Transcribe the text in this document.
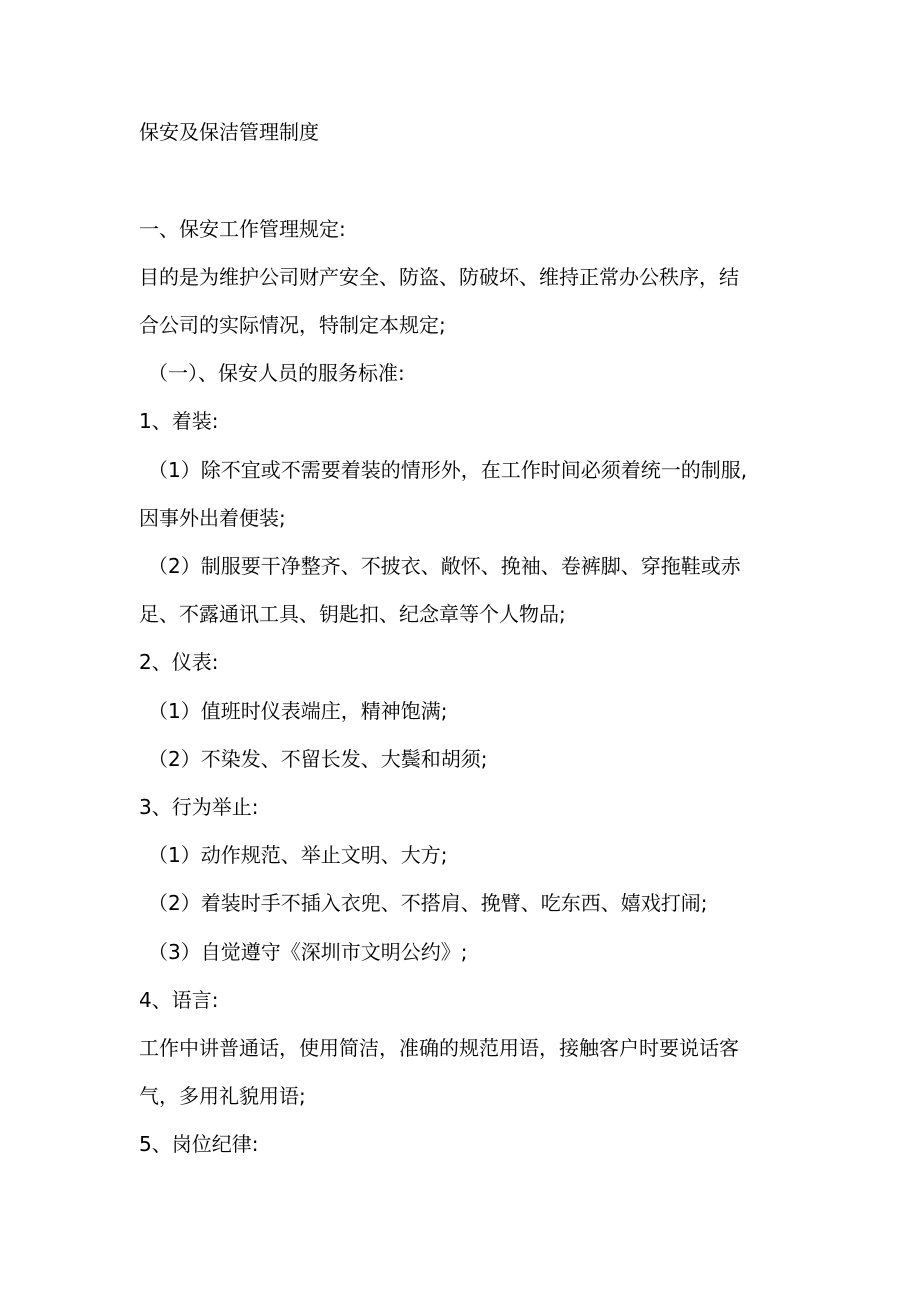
保安及保洁管理制度

一、保安工作管理规定:

目的是为维护公司财产安全、防盗、防破坏、维持正常办公秩序，结

合公司的实际情况，特制定本规定;

（一）、保安人员的服务标准:

1、着装:

（1）除不宜或不需要着装的情形外，在工作时间必须着统一的制服,

因事外出着便装;

（2）制服要干净整齐、不披衣、敞怀、挽袖、卷裤脚、穿拖鞋或赤

足、不露通讯工具、钥匙扣、纪念章等个人物品;

2、仪表:

（1）值班时仪表端庄，精神饱满;

（2）不染发、不留长发、大鬓和胡须;

3、行为举止:

（1）动作规范、举止文明、大方;

（2）着装时手不插入衣兜、不搭肩、挽臂、吃东西、嬉戏打闹;

（3）自觉遵守《深圳市文明公约》;

4、语言:

工作中讲普通话，使用简洁，准确的规范用语，接触客户时要说话客

气，多用礼貌用语;

5、岗位纪律:
